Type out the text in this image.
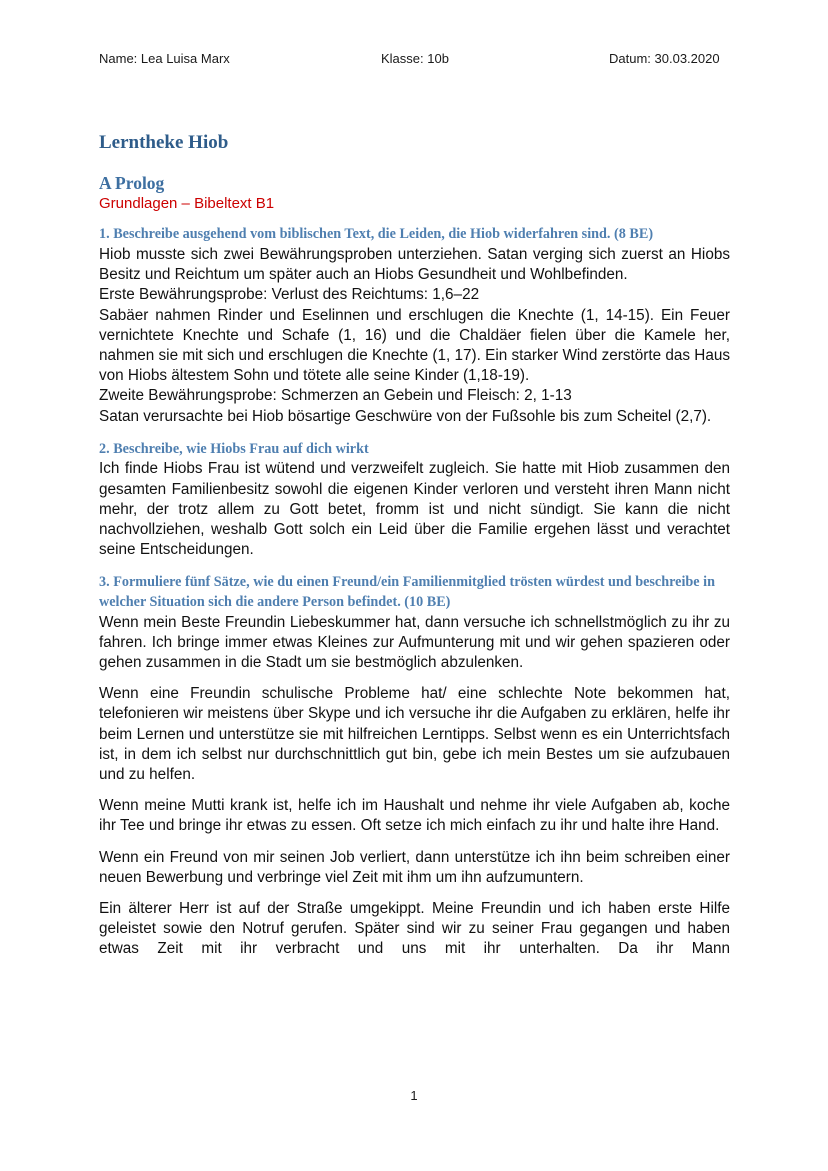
Name: Lea Luisa Marx	Klasse: 10b	Datum: 30.03.2020
Lerntheke Hiob
A Prolog

Grundlagen – Bibeltext B1

1. Beschreibe ausgehend vom biblischen Text, die Leiden, die Hiob widerfahren sind. (8 BE)

Hiob musste sich zwei Bewährungsproben unterziehen. Satan verging sich zuerst an Hiobs Besitz und Reichtum um später auch an Hiobs Gesundheit und Wohlbefinden.

Erste Bewährungsprobe: Verlust des Reichtums: 1,6–22

Sabäer nahmen Rinder und Eselinnen und erschlugen die Knechte (1, 14-15). Ein Feuer vernichtete Knechte und Schafe (1, 16) und die Chaldäer fielen über die Kamele her, nahmen sie mit sich und erschlugen die Knechte (1, 17). Ein starker Wind zerstörte das Haus von Hiobs ältestem Sohn und tötete alle seine Kinder (1,18-19).

Zweite Bewährungsprobe: Schmerzen an Gebein und Fleisch: 2, 1-13

Satan verursachte bei Hiob bösartige Geschwüre von der Fußsohle bis zum Scheitel (2,7).

2. Beschreibe, wie Hiobs Frau auf dich wirkt

Ich finde Hiobs Frau ist wütend und verzweifelt zugleich. Sie hatte mit Hiob zusammen den gesamten Familienbesitz sowohl die eigenen Kinder verloren und versteht ihren Mann nicht mehr, der trotz allem zu Gott betet, fromm ist und nicht sündigt. Sie kann die nicht nachvollziehen, weshalb Gott solch ein Leid über die Familie ergehen lässt und verachtet seine Entscheidungen.

3. Formuliere fünf Sätze, wie du einen Freund/ein Familienmitglied trösten würdest und beschreibe in welcher Situation sich die andere Person befindet. (10 BE)

Wenn mein Beste Freundin Liebeskummer hat, dann versuche ich schnellstmöglich zu ihr zu fahren. Ich bringe immer etwas Kleines zur Aufmunterung mit und wir gehen spazieren oder gehen zusammen in die Stadt um sie bestmöglich abzulenken.

Wenn eine Freundin schulische Probleme hat/ eine schlechte Note bekommen hat, telefonieren wir meistens über Skype und ich versuche ihr die Aufgaben zu erklären, helfe ihr beim Lernen und unterstütze sie mit hilfreichen Lerntipps. Selbst wenn es ein Unterrichtsfach ist, in dem ich selbst nur durchschnittlich gut bin, gebe ich mein Bestes um sie aufzubauen und zu helfen.

Wenn meine Mutti krank ist, helfe ich im Haushalt und nehme ihr viele Aufgaben ab, koche ihr Tee und bringe ihr etwas zu essen. Oft setze ich mich einfach zu ihr und halte ihre Hand.

Wenn ein Freund von mir seinen Job verliert, dann unterstütze ich ihn beim schreiben einer neuen Bewerbung und verbringe viel Zeit mit ihm um ihn aufzumuntern.

Ein älterer Herr ist auf der Straße umgekippt. Meine Freundin und ich haben erste Hilfe geleistet sowie den Notruf gerufen. Später sind wir zu seiner Frau gegangen und haben etwas Zeit mit ihr verbracht und uns mit ihr unterhalten. Da ihr Mann

1
